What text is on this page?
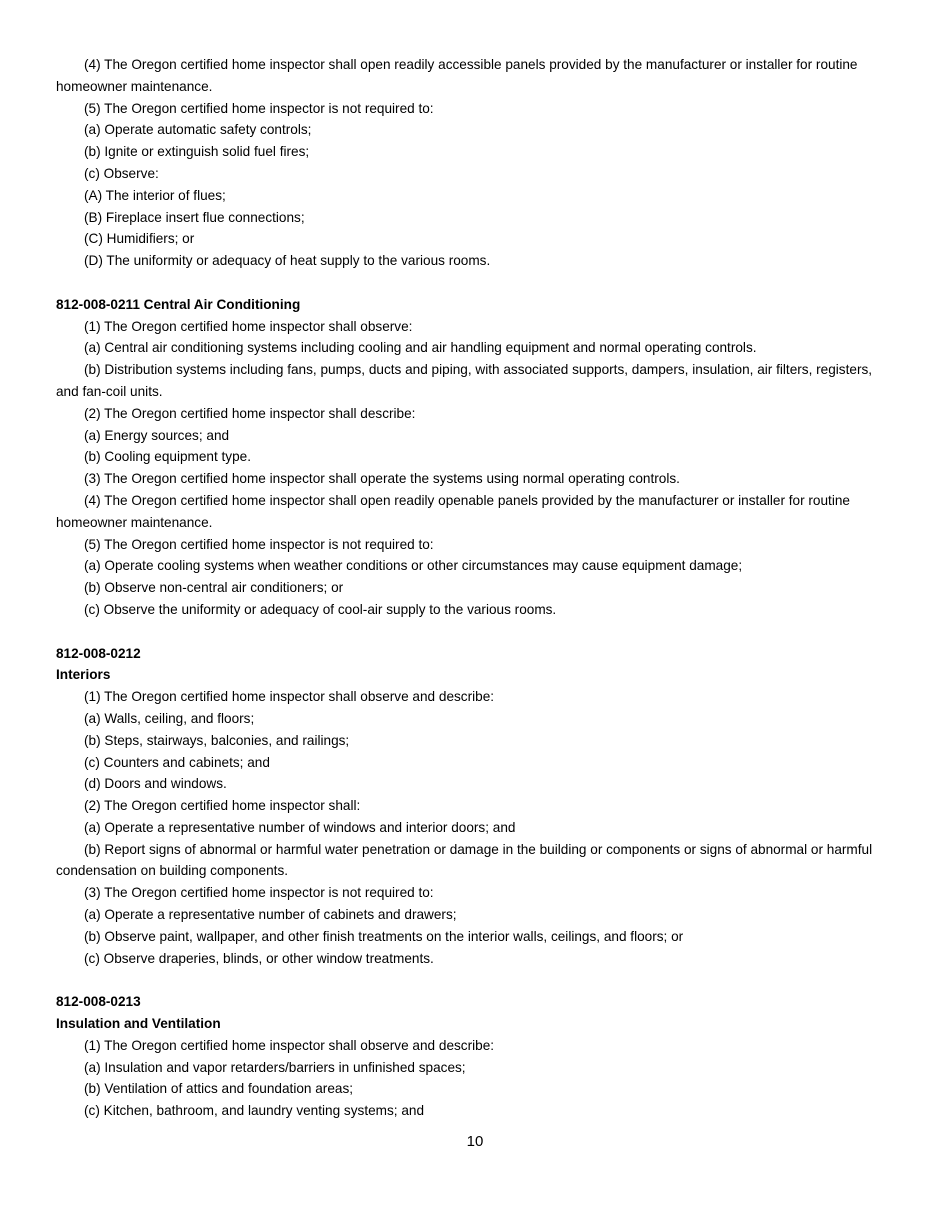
(4) The Oregon certified home inspector shall open readily accessible panels provided by the manufacturer or installer for routine homeowner maintenance.

(5) The Oregon certified home inspector is not required to:

(a) Operate automatic safety controls;

(b) Ignite or extinguish solid fuel fires;

(c) Observe:

(A) The interior of flues;

(B) Fireplace insert flue connections;

(C) Humidifiers; or

(D) The uniformity or adequacy of heat supply to the various rooms.

812-008-0211 Central Air Conditioning

(1) The Oregon certified home inspector shall observe:

(a) Central air conditioning systems including cooling and air handling equipment and normal operating controls.

(b) Distribution systems including fans, pumps, ducts and piping, with associated supports, dampers, insulation, air filters, registers, and fan-coil units.

(2) The Oregon certified home inspector shall describe:

(a) Energy sources; and

(b) Cooling equipment type.

(3) The Oregon certified home inspector shall operate the systems using normal operating controls.

(4) The Oregon certified home inspector shall open readily openable panels provided by the manufacturer or installer for routine homeowner maintenance.

(5) The Oregon certified home inspector is not required to:

(a) Operate cooling systems when weather conditions or other circumstances may cause equipment damage;

(b) Observe non-central air conditioners; or

(c) Observe the uniformity or adequacy of cool-air supply to the various rooms.

812-008-0212

Interiors

(1) The Oregon certified home inspector shall observe and describe:

(a) Walls, ceiling, and floors;

(b) Steps, stairways, balconies, and railings;

(c) Counters and cabinets; and

(d) Doors and windows.

(2) The Oregon certified home inspector shall:

(a) Operate a representative number of windows and interior doors; and

(b) Report signs of abnormal or harmful water penetration or damage in the building or components or signs of abnormal or harmful condensation on building components.

(3) The Oregon certified home inspector is not required to:

(a) Operate a representative number of cabinets and drawers;

(b) Observe paint, wallpaper, and other finish treatments on the interior walls, ceilings, and floors; or

(c) Observe draperies, blinds, or other window treatments.

812-008-0213

Insulation and Ventilation

(1) The Oregon certified home inspector shall observe and describe:

(a) Insulation and vapor retarders/barriers in unfinished spaces;

(b) Ventilation of attics and foundation areas;

(c) Kitchen, bathroom, and laundry venting systems; and

10
